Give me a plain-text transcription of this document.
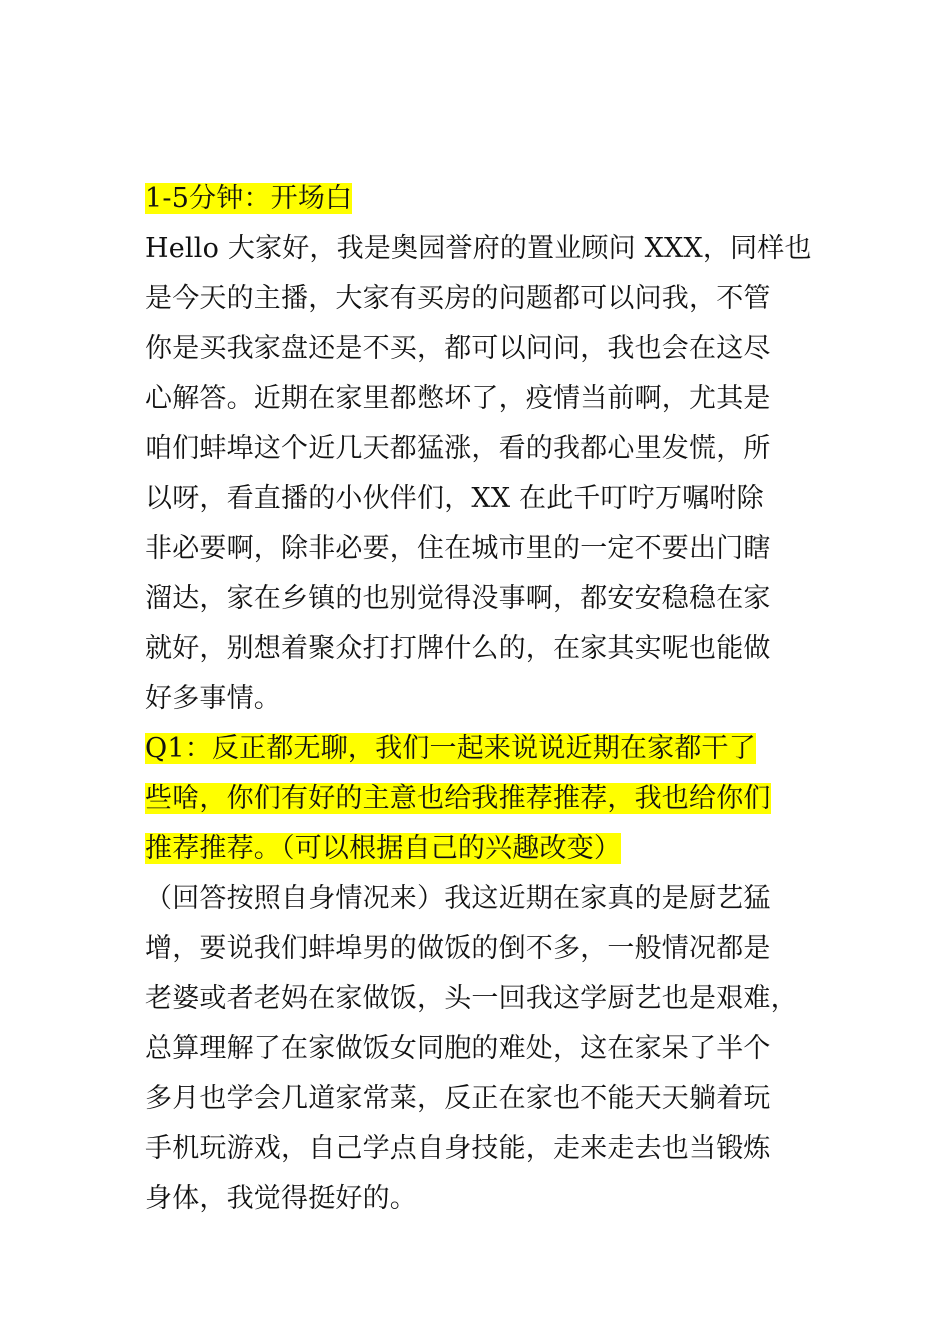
1-5分钟：开场白
Hello 大家好，我是奥园誉府的置业顾问 XXX，同样也
是今天的主播，大家有买房的问题都可以问我，不管
你是买我家盘还是不买，都可以问问，我也会在这尽
心解答。近期在家里都憋坏了，疫情当前啊，尤其是
咱们蚌埠这个近几天都猛涨，看的我都心里发慌，所
以呀，看直播的小伙伴们，XX 在此千叮咛万嘱咐除
非必要啊，除非必要，住在城市里的一定不要出门瞎
溜达，家在乡镇的也别觉得没事啊，都安安稳稳在家
就好，别想着聚众打打牌什么的，在家其实呢也能做
好多事情。
Q1：反正都无聊，我们一起来说说近期在家都干了
些啥，你们有好的主意也给我推荐推荐，我也给你们
推荐推荐。（可以根据自己的兴趣改变）
（回答按照自身情况来）我这近期在家真的是厨艺猛
增，要说我们蚌埠男的做饭的倒不多，一般情况都是
老婆或者老妈在家做饭，头一回我这学厨艺也是艰难，
总算理解了在家做饭女同胞的难处，这在家呆了半个
多月也学会几道家常菜，反正在家也不能天天躺着玩
手机玩游戏，自己学点自身技能，走来走去也当锻炼
身体，我觉得挺好的。
